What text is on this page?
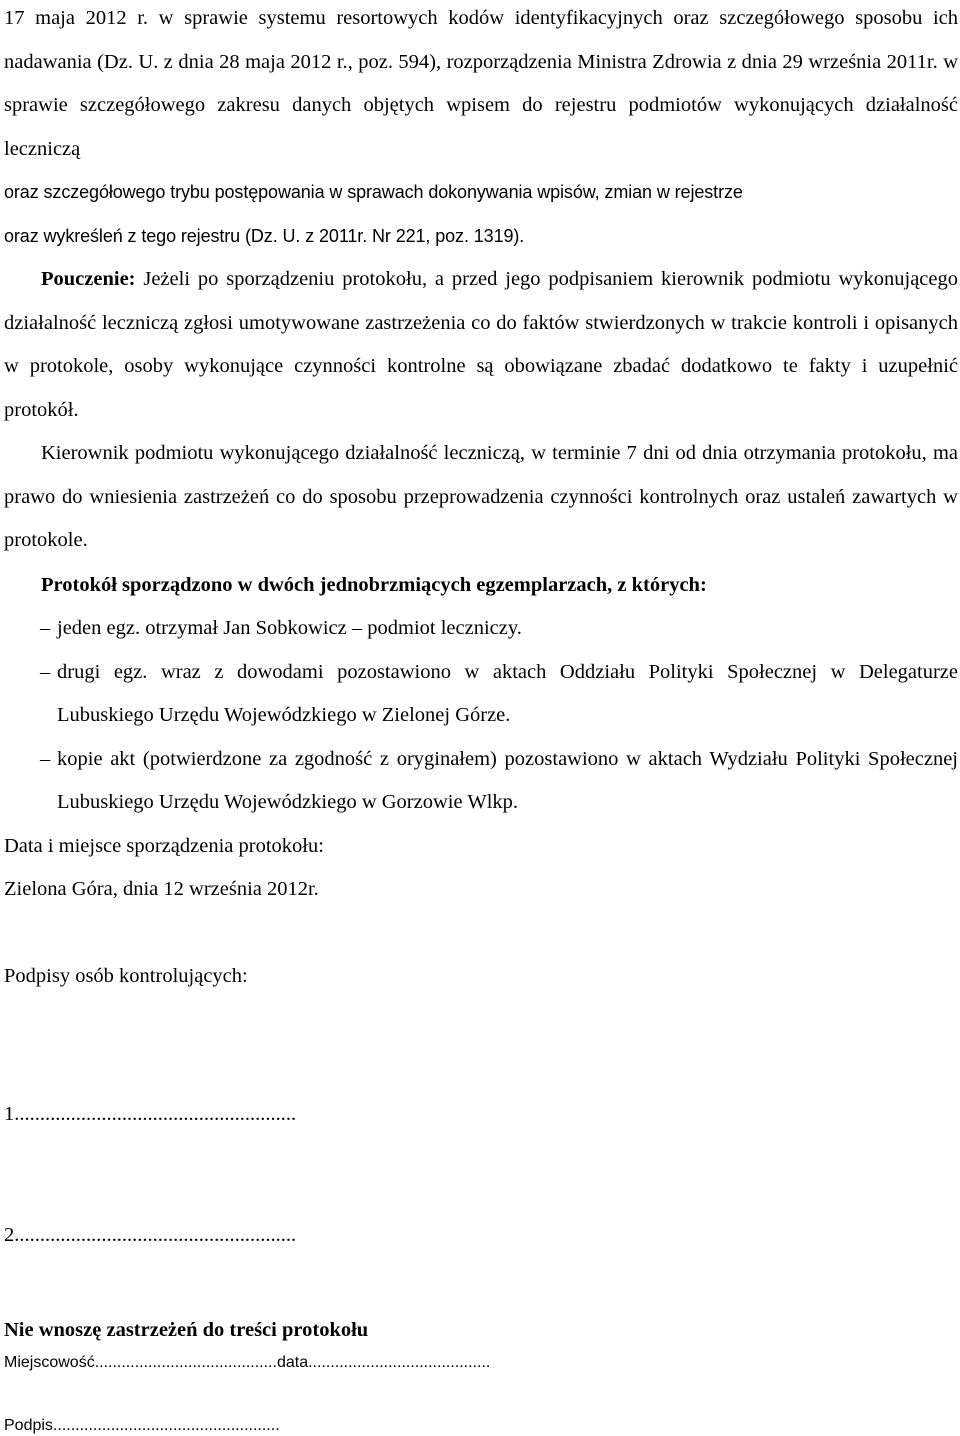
17 maja 2012 r. w sprawie systemu resortowych kodów identyfikacyjnych oraz szczegółowego sposobu ich nadawania (Dz. U. z dnia 28 maja 2012 r., poz. 594), rozporządzenia Ministra Zdrowia z dnia 29 września 2011r. w sprawie szczegółowego zakresu danych objętych wpisem do rejestru podmiotów wykonujących działalność leczniczą

oraz szczegółowego trybu postępowania w sprawach dokonywania wpisów, zmian w rejestrze

oraz wykreśleń z tego rejestru (Dz. U. z 2011r. Nr 221, poz. 1319).

Pouczenie: Jeżeli po sporządzeniu protokołu, a przed jego podpisaniem kierownik podmiotu wykonującego działalność leczniczą zgłosi umotywowane zastrzeżenia co do faktów stwierdzonych w trakcie kontroli i opisanych w protokole, osoby wykonujące czynności kontrolne są obowiązane zbadać dodatkowo te fakty i uzupełnić protokół.

Kierownik podmiotu wykonującego działalność leczniczą, w terminie 7 dni od dnia otrzymania protokołu, ma prawo do wniesienia zastrzeżeń co do sposobu przeprowadzenia czynności kontrolnych oraz ustaleń zawartych w protokole.

Protokół sporządzono w dwóch jednobrzmiących egzemplarzach, z których:

– jeden egz. otrzymał Jan Sobkowicz – podmiot leczniczy.

– drugi egz. wraz z dowodami pozostawiono w aktach Oddziału Polityki Społecznej w Delegaturze Lubuskiego Urzędu Wojewódzkiego w Zielonej Górze.

– kopie akt (potwierdzone za zgodność z oryginałem) pozostawiono w aktach Wydziału Polityki Społecznej Lubuskiego Urzędu Wojewódzkiego w Gorzowie Wlkp.

Data i miejsce sporządzenia protokołu:

Zielona Góra, dnia 12 września 2012r.

Podpisy osób kontrolujących:

1.......................................................

2.......................................................

Nie wnoszę zastrzeżeń do treści protokołu

Miejscowość.........................................data.........................................

Podpis...................................................
